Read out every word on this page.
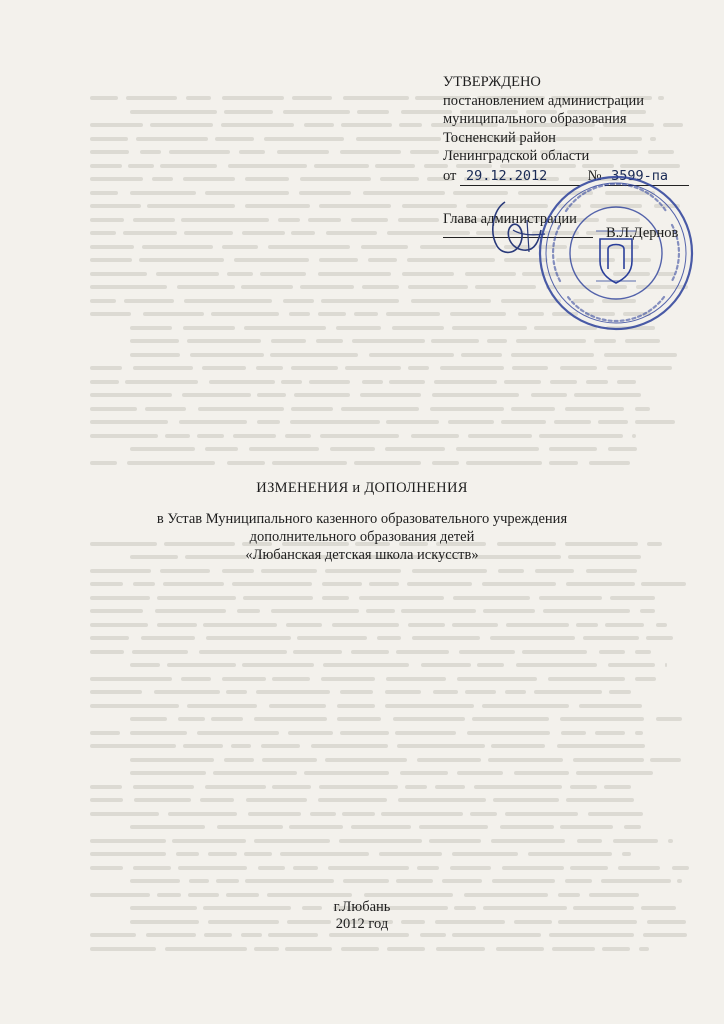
УТВЕРЖДЕНО
постановлением администрации
муниципального образования
Тосненский район
Ленинградской области
от 29.12.2012	№ 3599-па
Глава администрации
В.Л.Дернов
ИЗМЕНЕНИЯ и ДОПОЛНЕНИЯ
в Устав Муниципального казенного образовательного учреждения
дополнительного образования детей
«Любанская детская школа искусств»
г.Любань
2012 год
